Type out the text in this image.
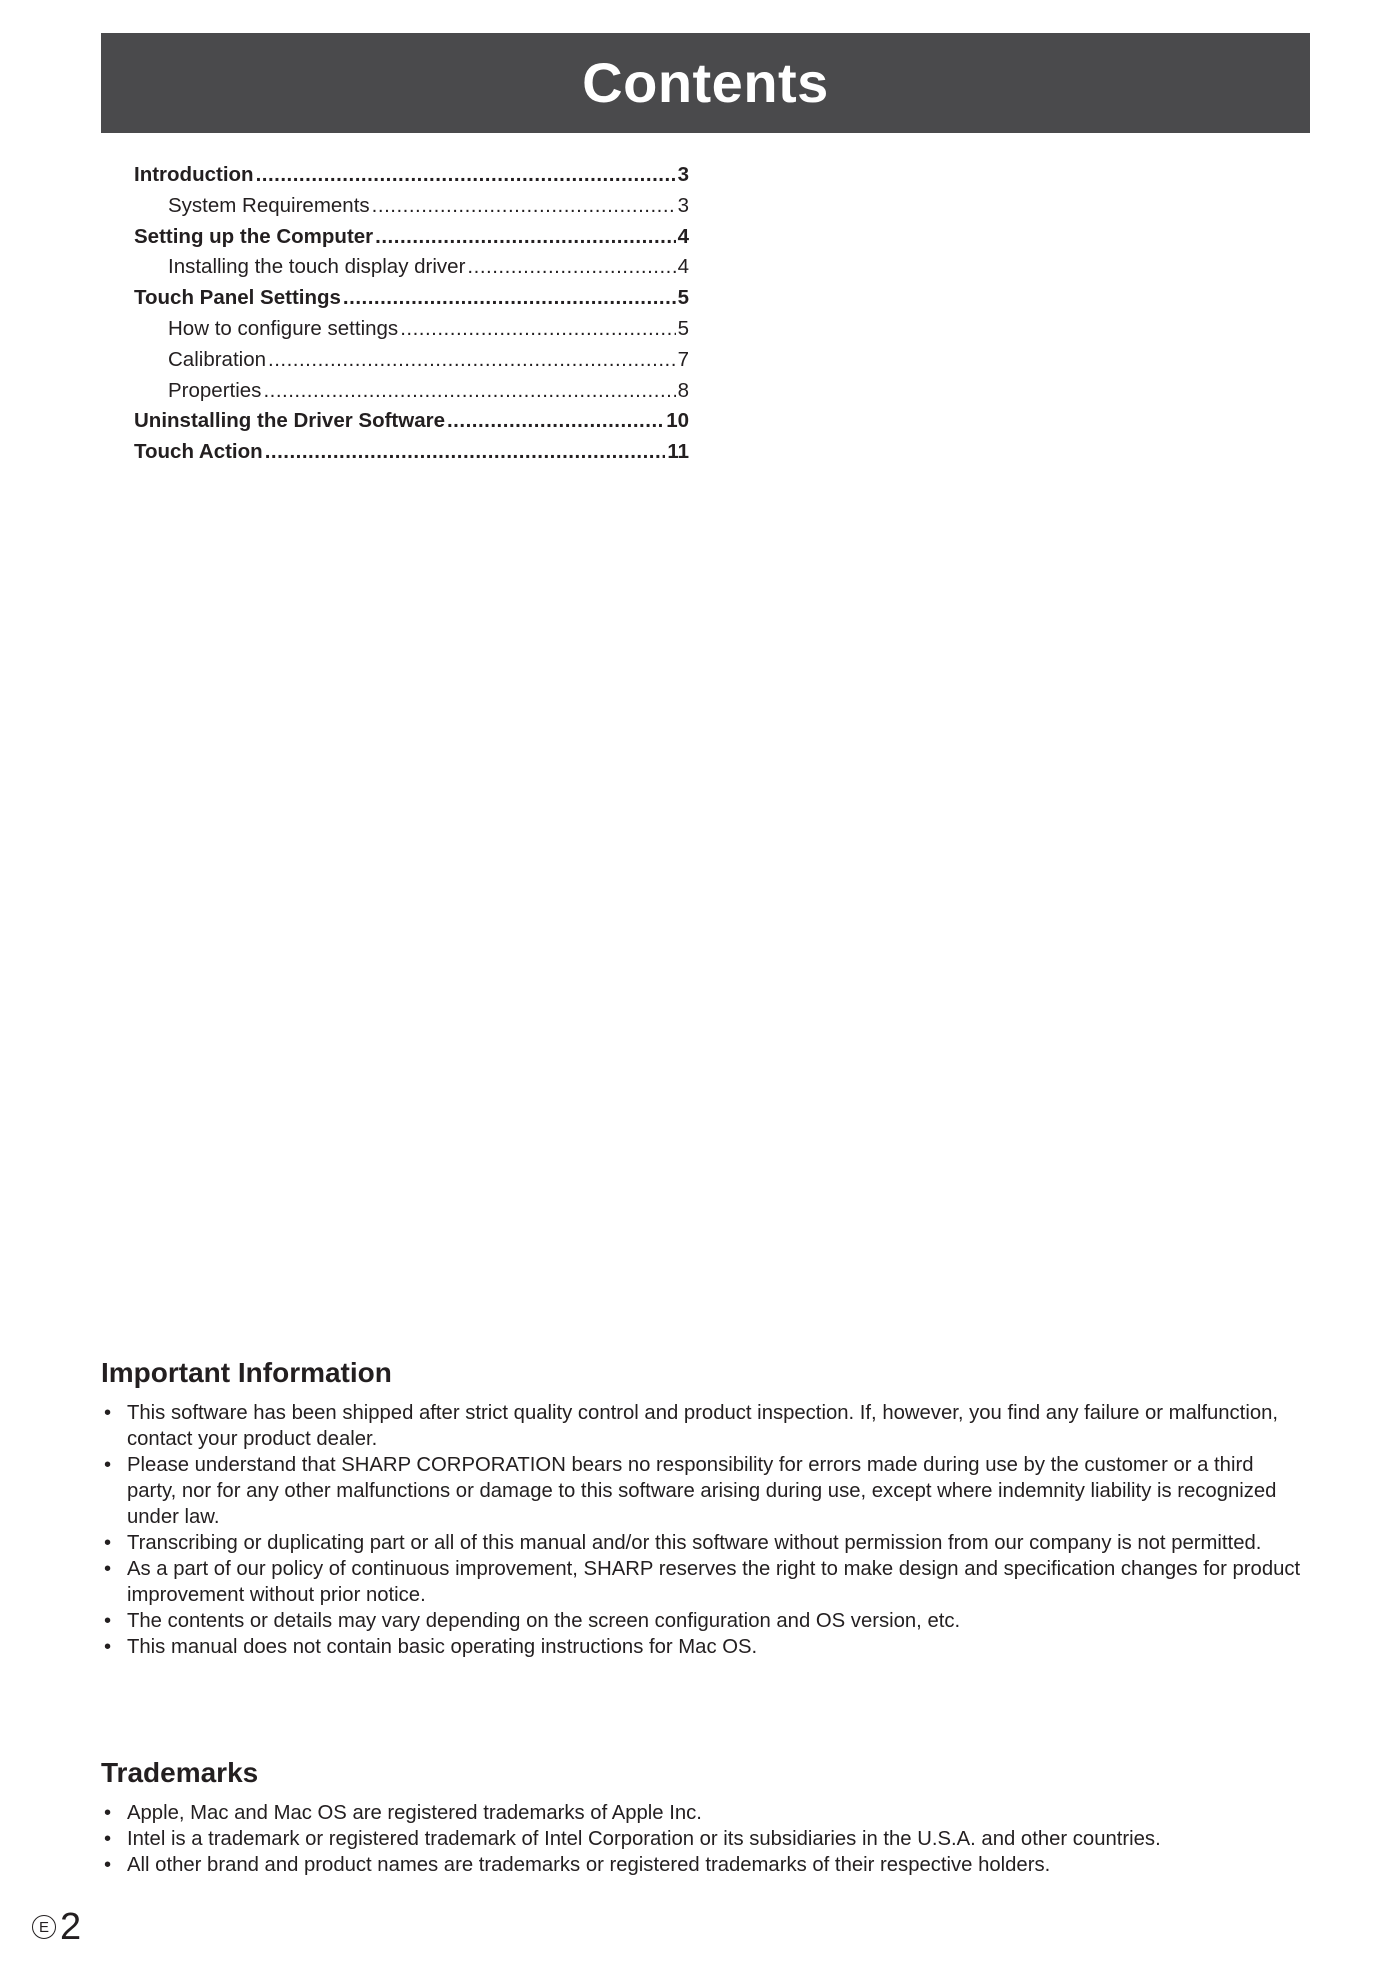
Contents
Introduction .....	3
System Requirements .....	3
Setting up the Computer .....	4
Installing the touch display driver .....	4
Touch Panel Settings .....	5
How to configure settings .....	5
Calibration .....	7
Properties .....	8
Uninstalling the Driver Software .....	10
Touch Action .....	11
Important Information
• This software has been shipped after strict quality control and product inspection. If, however, you find any failure or malfunction, contact your product dealer.
• Please understand that SHARP CORPORATION bears no responsibility for errors made during use by the customer or a third party, nor for any other malfunctions or damage to this software arising during use, except where indemnity liability is recognized under law.
• Transcribing or duplicating part or all of this manual and/or this software without permission from our company is not permitted.
• As a part of our policy of continuous improvement, SHARP reserves the right to make design and specification changes for product improvement without prior notice.
• The contents or details may vary depending on the screen configuration and OS version, etc.
• This manual does not contain basic operating instructions for Mac OS.
Trademarks
• Apple, Mac and Mac OS are registered trademarks of Apple Inc.
• Intel is a trademark or registered trademark of Intel Corporation or its subsidiaries in the U.S.A. and other countries.
• All other brand and product names are trademarks or registered trademarks of their respective holders.
E 2
